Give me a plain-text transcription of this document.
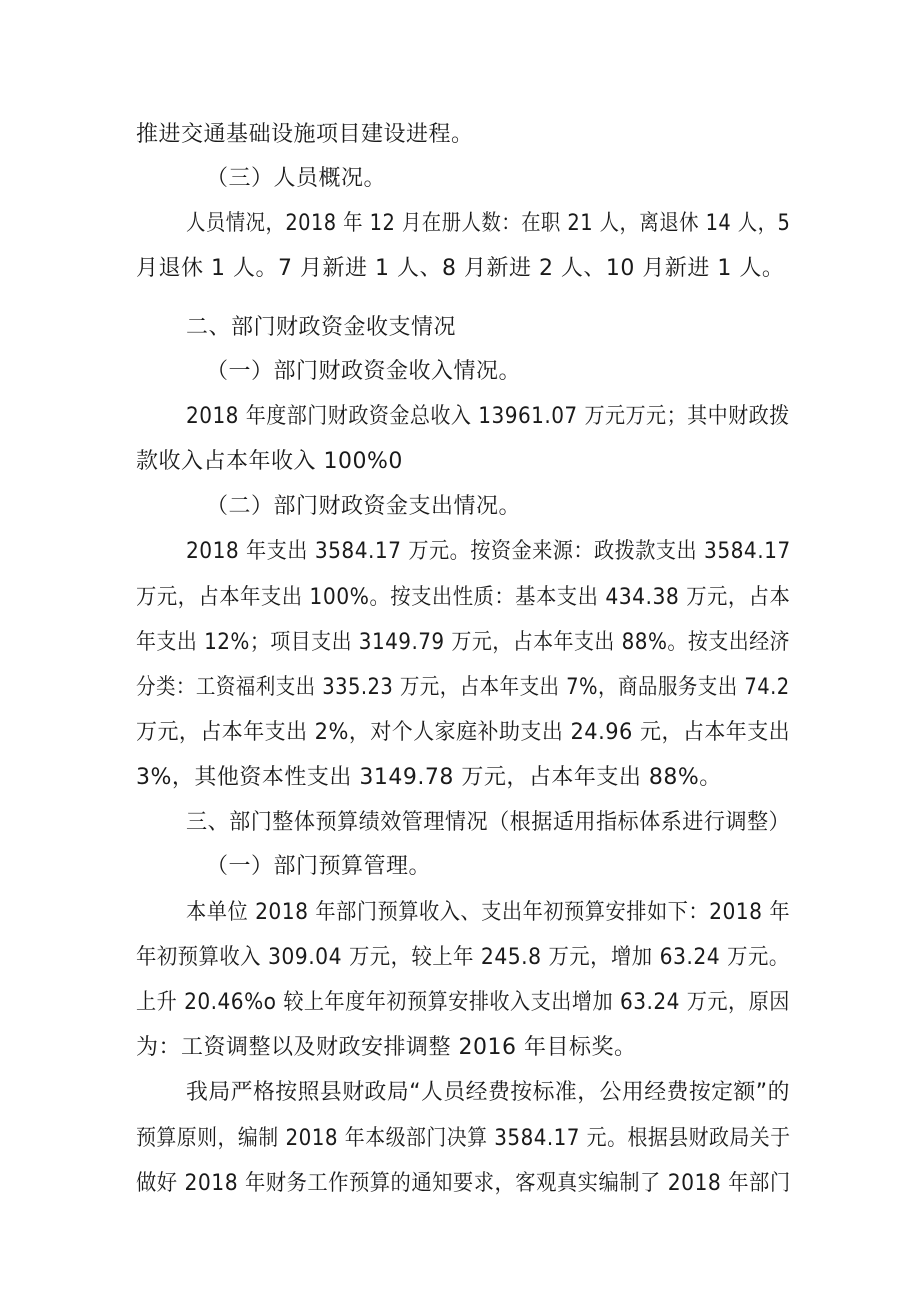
推进交通基础设施项目建设进程。
（三）人员概况。
人员情况，2018 年 12 月在册人数：在职 21 人，离退休 14 人，5
月退休 1 人。7 月新进 1 人、8 月新进 2 人、10 月新进 1 人。
二、部门财政资金收支情况
（一）部门财政资金收入情况。
2018 年度部门财政资金总收入 13961.07 万元万元；其中财政拨
款收入占本年收入 100%0
（二）部门财政资金支出情况。
2018 年支出 3584.17 万元。按资金来源：政拨款支出 3584.17
万元，占本年支出 100%。按支出性质：基本支出 434.38 万元，占本
年支出 12%；项目支出 3149.79 万元，占本年支出 88%。按支出经济
分类：工资福利支出 335.23 万元，占本年支出 7%，商品服务支出 74.2
万元，占本年支出 2%，对个人家庭补助支出 24.96 元，占本年支出
3%，其他资本性支出 3149.78 万元，占本年支出 88%。
三、部门整体预算绩效管理情况（根据适用指标体系进行调整）
（一）部门预算管理。
本单位 2018 年部门预算收入、支出年初预算安排如下：2018 年
年初预算收入 309.04 万元，较上年 245.8 万元，增加 63.24 万元。
上升 20.46%o 较上年度年初预算安排收入支出增加 63.24 万元，原因
为：工资调整以及财政安排调整 2016 年目标奖。
我局严格按照县财政局“人员经费按标准，公用经费按定额”的
预算原则，编制 2018 年本级部门决算 3584.17 元。根据县财政局关于
做好 2018 年财务工作预算的通知要求，客观真实编制了 2018 年部门
